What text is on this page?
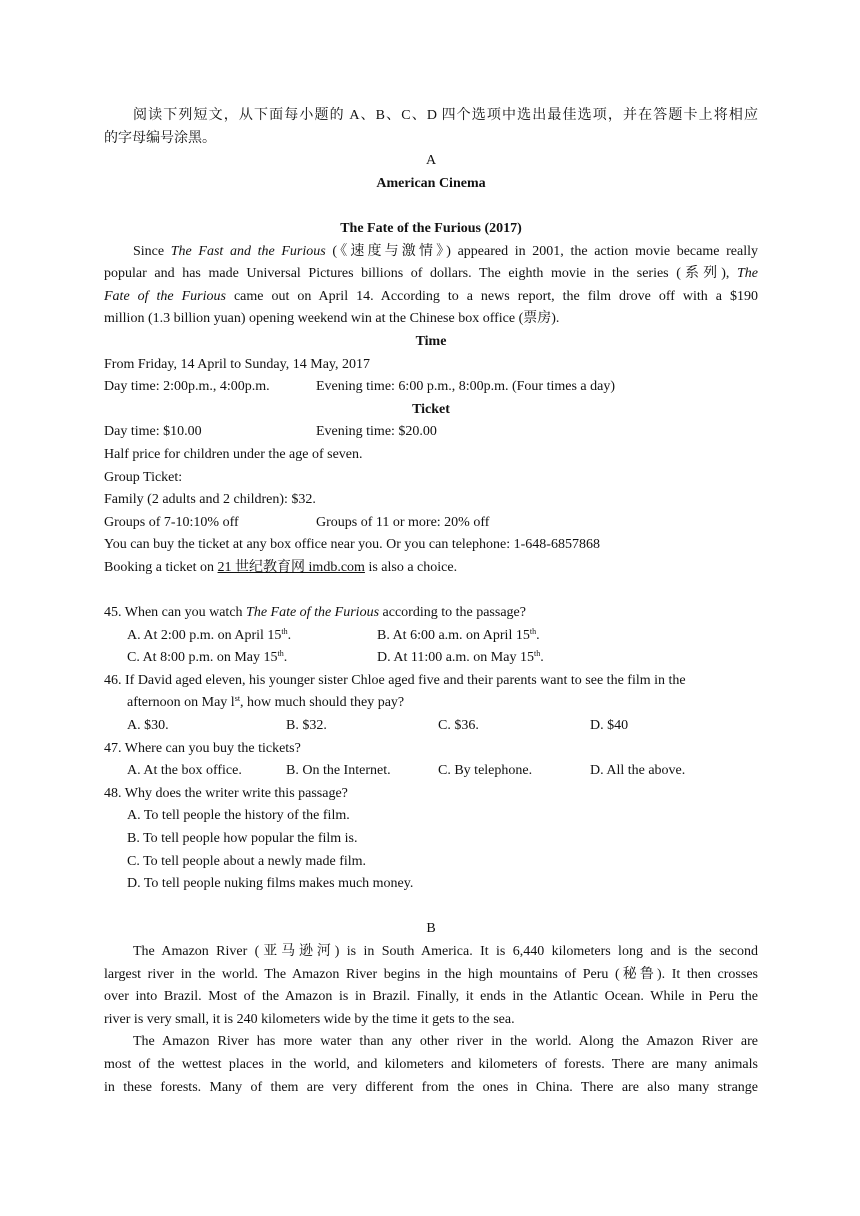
阅读下列短文，从下面每小题的 A、B、C、D 四个选项中选出最佳选项，并在答题卡上将相应
的字母编号涂黑。
A
American Cinema
The Fate of the Furious (2017)
Since The Fast and the Furious (《速度与激情》) appeared in 2001, the action movie became really
popular and has made Universal Pictures billions of dollars. The eighth movie in the series (系列), The
Fate of the Furious came out on April 14. According to a news report, the film drove off with a $190
million (1.3 billion yuan) opening weekend win at the Chinese box office (票房).
Time
From Friday, 14 April to Sunday, 14 May, 2017
Day time: 2:00p.m., 4:00p.m.	Evening time: 6:00 p.m., 8:00p.m. (Four times a day)
Ticket
Day time: $10.00	Evening time: $20.00
Half price for children under the age of seven.
Group Ticket:
Family (2 adults and 2 children): $32.
Groups of 7-10:10% off	Groups of 11 or more: 20% off
You can buy the ticket at any box office near you. Or you can telephone: 1-648-6857868
Booking a ticket on 21 世纪教育网 imdb.com is also a choice.
45. When can you watch The Fate of the Furious according to the passage?
A. At 2:00 p.m. on April 15th.	B. At 6:00 a.m. on April 15th.
C. At 8:00 p.m. on May 15th.	D. At 11:00 a.m. on May 15th.
46. If David aged eleven, his younger sister Chloe aged five and their parents want to see the film in the
afternoon on May $l^{st}$, how much should they pay?
A. $30.	B. $32.	C. $36.	D. $40
47. Where can you buy the tickets?
A. At the box office.	B. On the Internet.	C. By telephone.	D. All the above.
48. Why does the writer write this passage?
A. To tell people the history of the film.
B. To tell people how popular the film is.
C. To tell people about a newly made film.
D. To tell people nuking films makes much money.
B
The Amazon River (亚马逊河) is in South America. It is 6,440 kilometers long and is the second
largest river in the world. The Amazon River begins in the high mountains of Peru (秘鲁). It then crosses
over into Brazil. Most of the Amazon is in Brazil. Finally, it ends in the Atlantic Ocean. While in Peru the
river is very small, it is 240 kilometers wide by the time it gets to the sea.
The Amazon River has more water than any other river in the world. Along the Amazon River are
most of the wettest places in the world, and kilometers and kilometers of forests. There are many animals
in these forests. Many of them are very different from the ones in China. There are also many strange
